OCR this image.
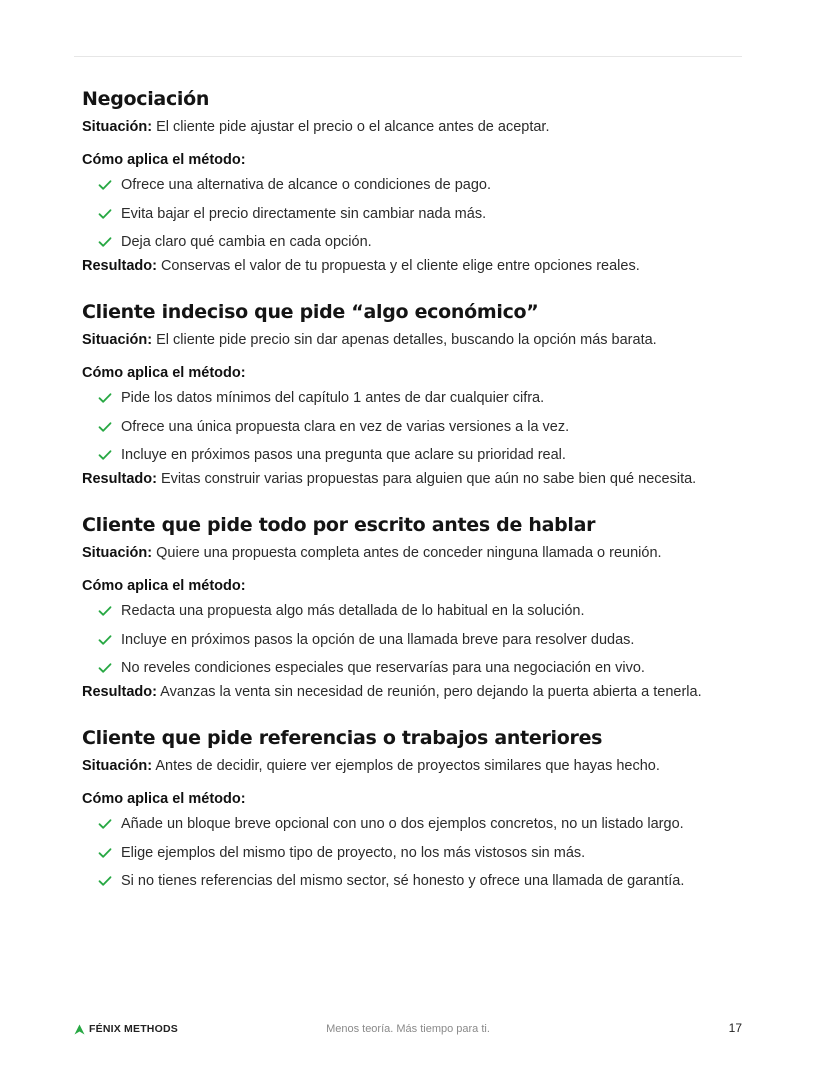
Negociación

Situación: El cliente pide ajustar el precio o el alcance antes de aceptar.

Cómo aplica el método:
Ofrece una alternativa de alcance o condiciones de pago.
Evita bajar el precio directamente sin cambiar nada más.
Deja claro qué cambia en cada opción.

Resultado: Conservas el valor de tu propuesta y el cliente elige entre opciones reales.

Cliente indeciso que pide “algo económico”

Situación: El cliente pide precio sin dar apenas detalles, buscando la opción más barata.

Cómo aplica el método:
Pide los datos mínimos del capítulo 1 antes de dar cualquier cifra.
Ofrece una única propuesta clara en vez de varias versiones a la vez.
Incluye en próximos pasos una pregunta que aclare su prioridad real.

Resultado: Evitas construir varias propuestas para alguien que aún no sabe bien qué necesita.

Cliente que pide todo por escrito antes de hablar

Situación: Quiere una propuesta completa antes de conceder ninguna llamada o reunión.

Cómo aplica el método:
Redacta una propuesta algo más detallada de lo habitual en la solución.
Incluye en próximos pasos la opción de una llamada breve para resolver dudas.
No reveles condiciones especiales que reservarías para una negociación en vivo.

Resultado: Avanzas la venta sin necesidad de reunión, pero dejando la puerta abierta a tenerla.

Cliente que pide referencias o trabajos anteriores

Situación: Antes de decidir, quiere ver ejemplos de proyectos similares que hayas hecho.

Cómo aplica el método:
Añade un bloque breve opcional con uno o dos ejemplos concretos, no un listado largo.
Elige ejemplos del mismo tipo de proyecto, no los más vistosos sin más.
Si no tienes referencias del mismo sector, sé honesto y ofrece una llamada de garantía.
FÉNIX METHODS	Menos teoría. Más tiempo para ti.	17
